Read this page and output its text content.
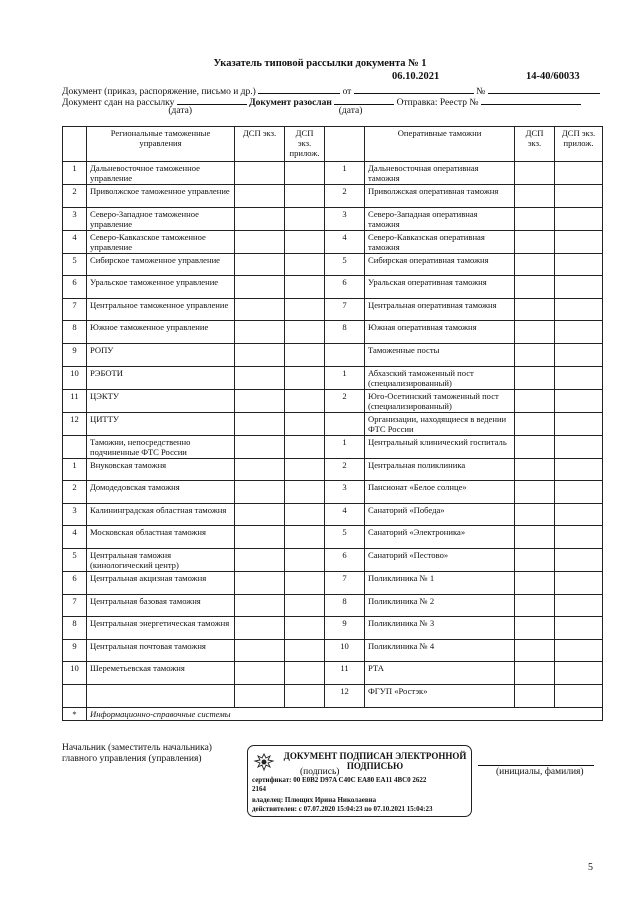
Указатель типовой рассылки документа № 1
06.10.2021	14-40/60033
Документ (приказ, распоряжение, письмо и др.)	от	№
Документ сдан на рассылку	Документ разослан	Отправка: Реестр №
(дата)	(дата)
	Региональные таможенные управления	ДСП экз.	ДСП экз. прилож.		Оперативные таможни	ДСП экз.	ДСП экз. прилож.
1	Дальневосточное таможенное управление			1	Дальневосточная оперативная таможня		
2	Приволжское таможенное управление			2	Приволжская оперативная таможня		
3	Северо-Западное таможенное управление			3	Северо-Западная оперативная таможня		
4	Северо-Кавказское таможенное управление			4	Северо-Кавказская оперативная таможня		
5	Сибирское таможенное управление			5	Сибирская оперативная таможня		
6	Уральское таможенное управление			6	Уральская оперативная таможня		
7	Центральное таможенное управление			7	Центральная оперативная таможня		
8	Южное таможенное управление			8	Южная оперативная таможня		
9	РОПУ				Таможенные посты		
10	РЭБОТИ			1	Абхазский таможенный пост (специализированный)		
11	ЦЭКТУ			2	Юго-Осетинский таможенный пост (специализированный)		
12	ЦИТТУ				Организации, находящиеся в ведении ФТС России		
	Таможни, непосредственно подчиненные ФТС России			1	Центральный клинический госпиталь		
1	Внуковская таможня			2	Центральная поликлиника		
2	Домодедовская таможня			3	Пансионат «Белое солнце»		
3	Калининградская областная таможня			4	Санаторий «Победа»		
4	Московская областная таможня			5	Санаторий «Электроника»		
5	Центральная таможня (кинологический центр)			6	Санаторий «Пестово»		
6	Центральная акцизная таможня			7	Поликлиника № 1		
7	Центральная базовая таможня			8	Поликлиника № 2		
8	Центральная энергетическая таможня			9	Поликлиника № 3		
9	Центральная почтовая таможня			10	Поликлиника № 4		
10	Шереметьевская таможня			11	РТА		
				12	ФГУП «Ростэк»		
*	Информационно-справочные системы						
Начальник (заместитель начальника) главного управления (управления)	ДОКУМЕНТ ПОДПИСАН ЭЛЕКТРОННОЙ ПОДПИСЬЮ
сертификат: 00 E0B2 D97A C40C EA80 EA11 4BC0 2622
2164
владелец: Плющих Ирина Николаевна
действителен: с 07.07.2020 15:04:23 по 07.10.2021 15:04:23
(подпись)	(инициалы, фамилия)
5
